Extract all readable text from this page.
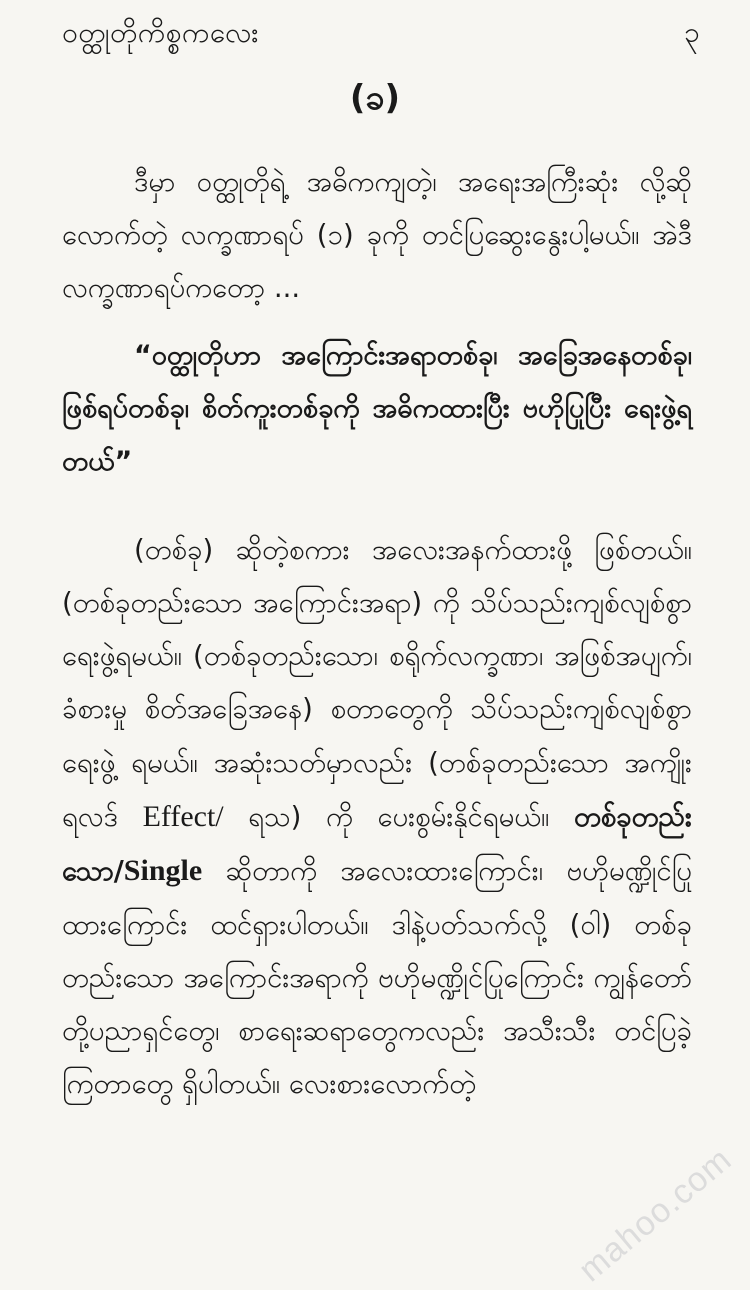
ဝတ္ထုတိုကိစ္စကလေး	၃
(ခ)

ဒီမှာ ဝတ္ထုတိုရဲ့ အဓိကကျတဲ့၊ အရေးအကြီးဆုံး လို့ဆိုလောက်တဲ့ လက္ခဏာရပ် (၁) ခုကို တင်ပြဆွေးနွေးပါ့မယ်။ အဲဒီလက္ခဏာရပ်ကတော့ ...

“ဝတ္ထုတိုဟာ အကြောင်းအရာတစ်ခု၊ အခြေအနေတစ်ခု၊ ဖြစ်ရပ်တစ်ခု၊ စိတ်ကူးတစ်ခုကို အဓိကထားပြီး ဗဟိုပြုပြီး ရေးဖွဲ့ရတယ်”

(တစ်ခု) ဆိုတဲ့စကား အလေးအနက်ထားဖို့ ဖြစ်တယ်။ (တစ်ခုတည်းသော အကြောင်းအရာ) ကို သိပ်သည်းကျစ်လျစ်စွာ ရေးဖွဲ့ရမယ်။ (တစ်ခုတည်းသော၊ စရိုက်လက္ခဏာ၊ အဖြစ်အပျက်၊ ခံစားမှု စိတ်အခြေအနေ) စတာတွေကို သိပ်သည်းကျစ်လျစ်စွာ ရေးဖွဲ့ ရမယ်။ အဆုံးသတ်မှာလည်း (တစ်ခုတည်းသော အကျိုးရလဒ် Effect/ ရသ) ကို ပေးစွမ်းနိုင်ရမယ်။ တစ်ခုတည်းသော/Single ဆိုတာကို အလေးထားကြောင်း၊ ဗဟိုမဏ္ဍိုင်ပြုထားကြောင်း ထင်ရှားပါတယ်။ ဒါနဲ့ပတ်သက်လို့ (ဝါ) တစ်ခုတည်းသော အကြောင်းအရာကို ဗဟိုမဏ္ဍိုင်ပြုကြောင်း ကျွန်တော်တို့ပညာရှင်တွေ၊ စာရေးဆရာတွေကလည်း အသီးသီး တင်ပြခဲ့ကြတာတွေ ရှိပါတယ်။ လေးစားလောက်တဲ့

mahoo.com
